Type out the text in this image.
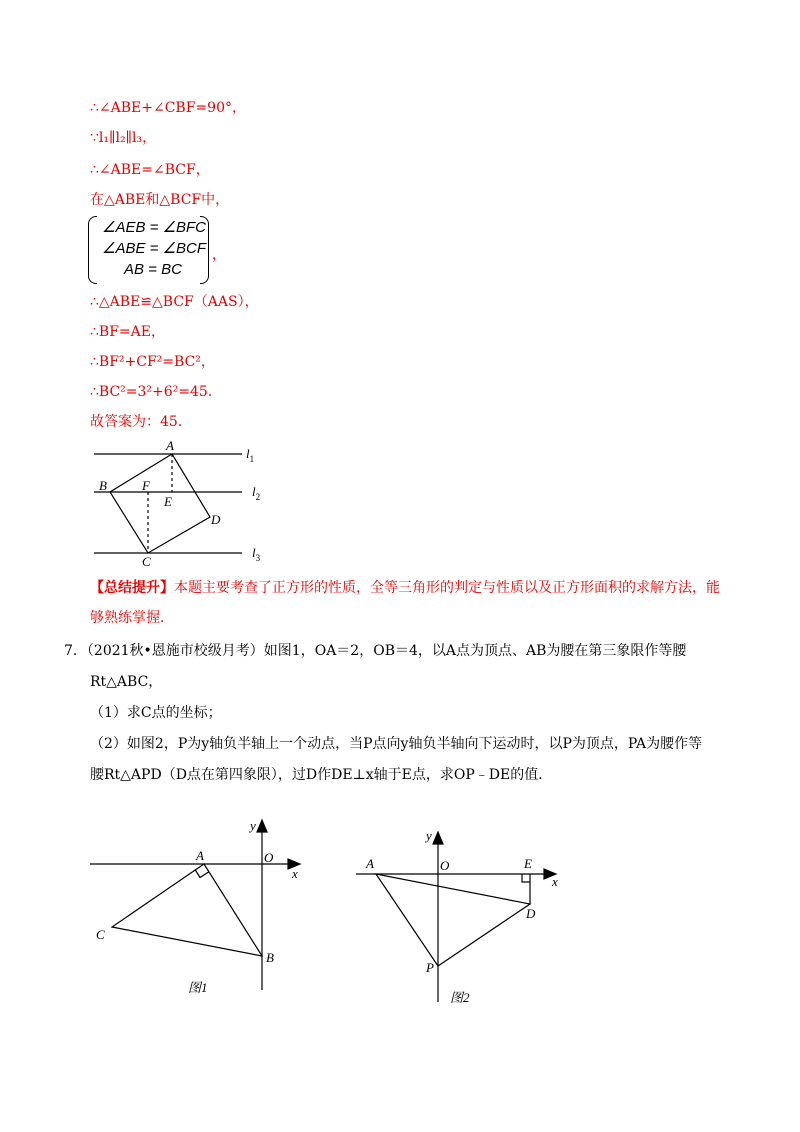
∴∠ABE+∠CBF=90°，
∵l₁∥l₂∥l₃，
∴∠ABE=∠BCF，
在△ABE和△BCF中，
∠AEB = ∠BFC
∠ABE = ∠BCF
AB = BC
，
∴△ABE≌△BCF（AAS），
∴BF=AE，
∴BF²+CF²=BC²，
∴BC²=3²+6²=45．
故答案为：45．
A
B	F
E
D
C
$l_1$
$l_2$
$l_3$
【总结提升】本题主要考查了正方形的性质，全等三角形的判定与性质以及正方形面积的求解方法，能
够熟练掌握．
7．（2021秋•恩施市校级月考）如图1，OA＝2，OB＝4，以A点为顶点、AB为腰在第三象限作等腰
Rt△ABC，
（1）求C点的坐标；
（2）如图2，P为y轴负半轴上一个动点，当P点向y轴负半轴向下运动时，以P为顶点，PA为腰作等
腰Rt△APD（D点在第四象限），过D作DE⊥x轴于E点，求OP﹣DE的值．
A	O
y
x
C
B
图1
A	O
y
x
E
D
P
图2
